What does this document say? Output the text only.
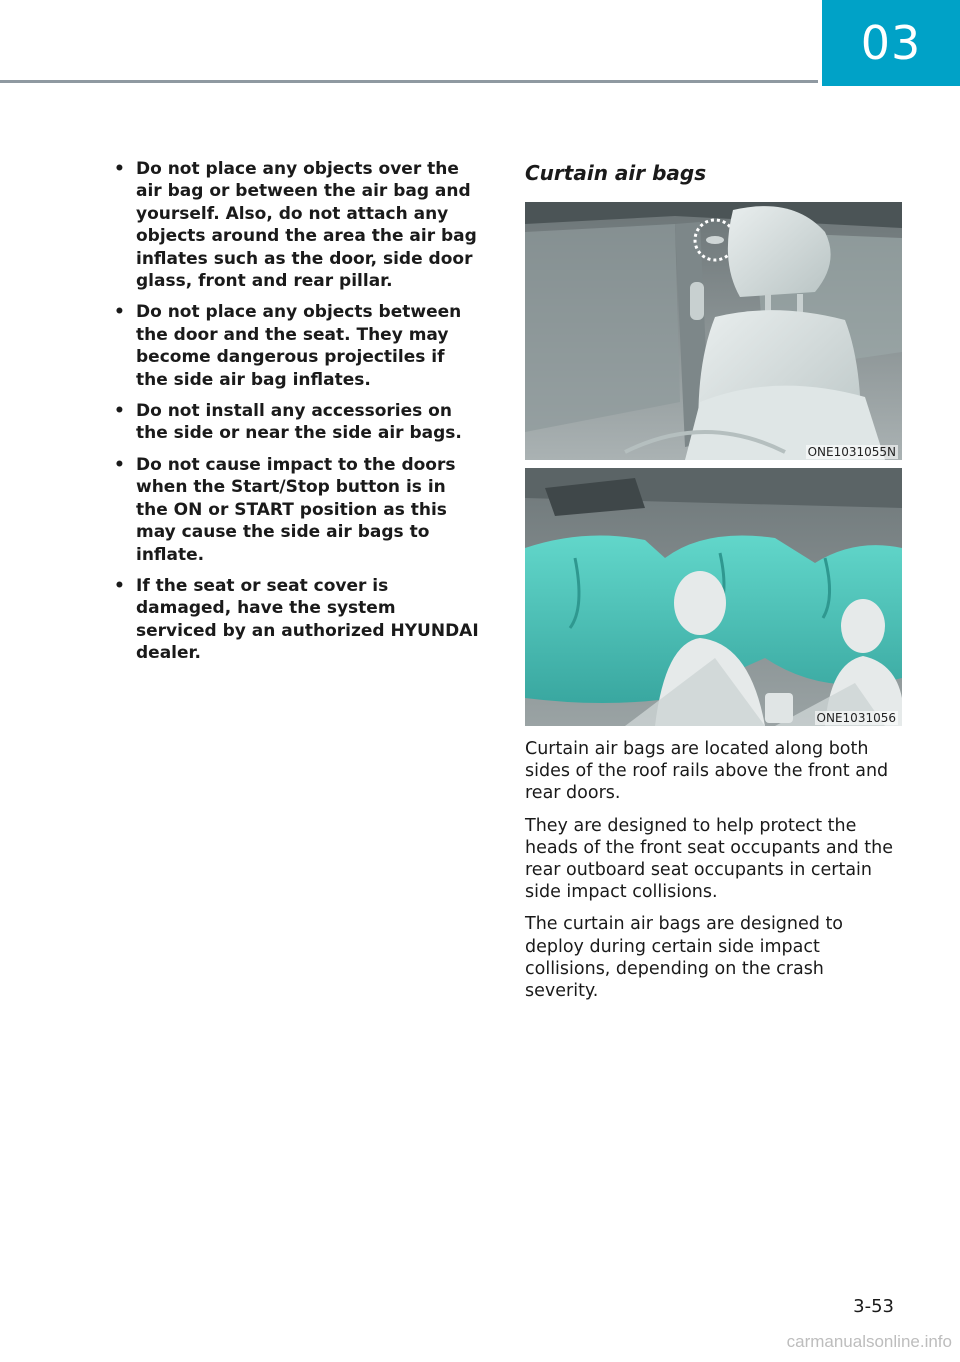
03
• Do not place any objects over the air bag or between the air bag and yourself. Also, do not attach any objects around the area the air bag inflates such as the door, side door glass, front and rear pillar.
• Do not place any objects between the door and the seat. They may become dangerous projectiles if the side air bag inflates.
• Do not install any accessories on the side or near the side air bags.
• Do not cause impact to the doors when the Start/Stop button is in the ON or START position as this may cause the side air bags to inflate.
• If the seat or seat cover is damaged, have the system serviced by an authorized HYUNDAI dealer.
Curtain air bags
ONE1031055N
ONE1031056

Curtain air bags are located along both sides of the roof rails above the front and rear doors.

They are designed to help protect the heads of the front seat occupants and the rear outboard seat occupants in certain side impact collisions.

The curtain air bags are designed to deploy during certain side impact collisions, depending on the crash severity.

3-53
carmanualsonline.info
